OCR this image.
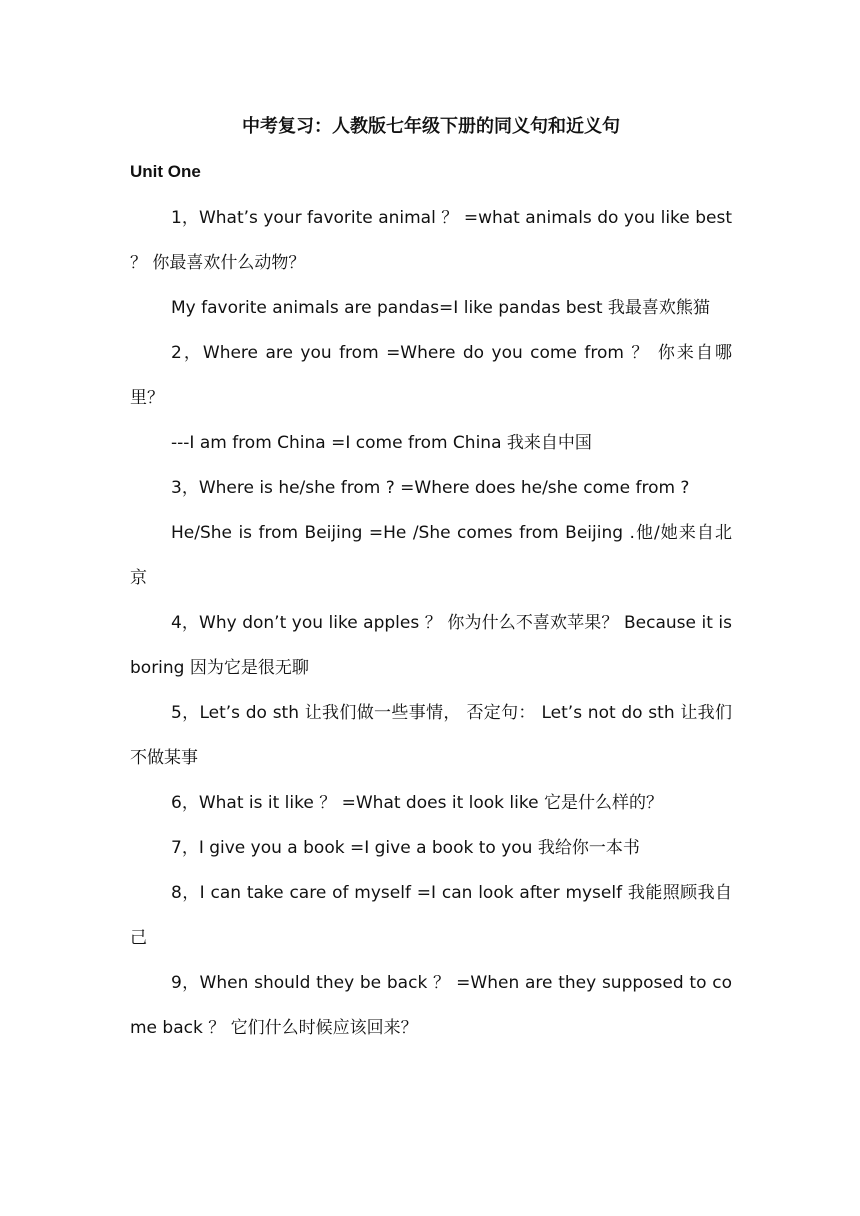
中考复习：人教版七年级下册的同义句和近义句
Unit One

1，What’s your favorite animal ？ =what animals do you like best ？ 你最喜欢什么动物？

My favorite animals are pandas=I like pandas best 我最喜欢熊猫

2，Where are you from =Where do you come from ？ 你来自哪里？

---I am from China =I come from China 我来自中国

3，Where is he/she from ? =Where does he/she come from ?

He/She is from Beijing =He /She comes from Beijing .他/她来自北京

4，Why don’t you like apples ？ 你为什么不喜欢苹果？ Because it is boring 因为它是很无聊

5，Let’s do sth 让我们做一些事情， 否定句： Let’s not do sth 让我们不做某事

6，What is it like ？ =What does it look like 它是什么样的？

7，I give you a book =I give a book to you 我给你一本书

8，I can take care of myself =I can look after myself 我能照顾我自己

9，When should they be back ？ =When are they supposed to come back ？ 它们什么时候应该回来？
